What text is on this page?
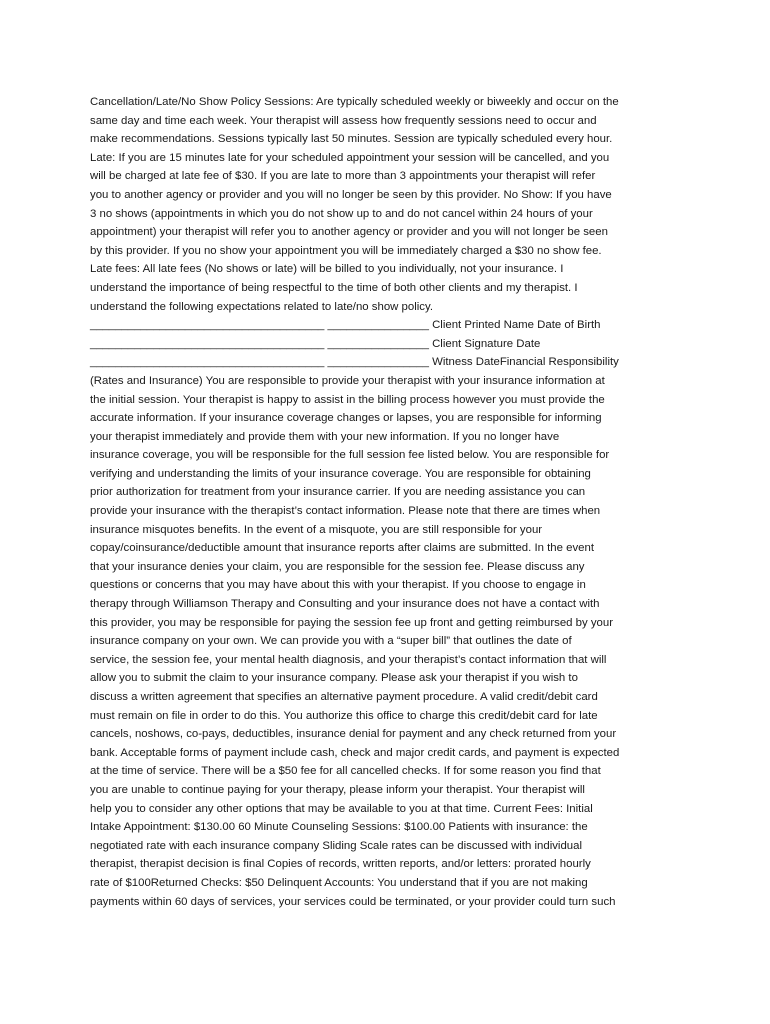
Cancellation/Late/No Show Policy Sessions: Are typically scheduled weekly or biweekly and occur on the
same day and time each week. Your therapist will assess how frequently sessions need to occur and
make recommendations. Sessions typically last 50 minutes. Session are typically scheduled every hour.
Late: If you are 15 minutes late for your scheduled appointment your session will be cancelled, and you
will be charged at late fee of $30. If you are late to more than 3 appointments your therapist will refer
you to another agency or provider and you will no longer be seen by this provider. No Show: If you have
3 no shows (appointments in which you do not show up to and do not cancel within 24 hours of your
appointment) your therapist will refer you to another agency or provider and you will not longer be seen
by this provider. If you no show your appointment you will be immediately charged a $30 no show fee.
Late fees: All late fees (No shows or late) will be billed to you individually, not your insurance. I
understand the importance of being respectful to the time of both other clients and my therapist. I
understand the following expectations related to late/no show policy.
_____________________________________ ________________ Client Printed Name Date of Birth
_____________________________________ ________________ Client Signature Date
_____________________________________ ________________ Witness DateFinancial Responsibility
(Rates and Insurance) You are responsible to provide your therapist with your insurance information at
the initial session. Your therapist is happy to assist in the billing process however you must provide the
accurate information. If your insurance coverage changes or lapses, you are responsible for informing
your therapist immediately and provide them with your new information. If you no longer have
insurance coverage, you will be responsible for the full session fee listed below. You are responsible for
verifying and understanding the limits of your insurance coverage. You are responsible for obtaining
prior authorization for treatment from your insurance carrier. If you are needing assistance you can
provide your insurance with the therapist’s contact information. Please note that there are times when
insurance misquotes benefits. In the event of a misquote, you are still responsible for your
copay/coinsurance/deductible amount that insurance reports after claims are submitted. In the event
that your insurance denies your claim, you are responsible for the session fee. Please discuss any
questions or concerns that you may have about this with your therapist. If you choose to engage in
therapy through Williamson Therapy and Consulting and your insurance does not have a contact with
this provider, you may be responsible for paying the session fee up front and getting reimbursed by your
insurance company on your own. We can provide you with a “super bill” that outlines the date of
service, the session fee, your mental health diagnosis, and your therapist’s contact information that will
allow you to submit the claim to your insurance company. Please ask your therapist if you wish to
discuss a written agreement that specifies an alternative payment procedure. A valid credit/debit card
must remain on file in order to do this. You authorize this office to charge this credit/debit card for late
cancels, noshows, co-pays, deductibles, insurance denial for payment and any check returned from your
bank. Acceptable forms of payment include cash, check and major credit cards, and payment is expected
at the time of service. There will be a $50 fee for all cancelled checks. If for some reason you find that
you are unable to continue paying for your therapy, please inform your therapist. Your therapist will
help you to consider any other options that may be available to you at that time. Current Fees: Initial
Intake Appointment: $130.00 60 Minute Counseling Sessions: $100.00 Patients with insurance: the
negotiated rate with each insurance company Sliding Scale rates can be discussed with individual
therapist, therapist decision is final Copies of records, written reports, and/or letters: prorated hourly
rate of $100Returned Checks: $50 Delinquent Accounts: You understand that if you are not making
payments within 60 days of services, your services could be terminated, or your provider could turn such
